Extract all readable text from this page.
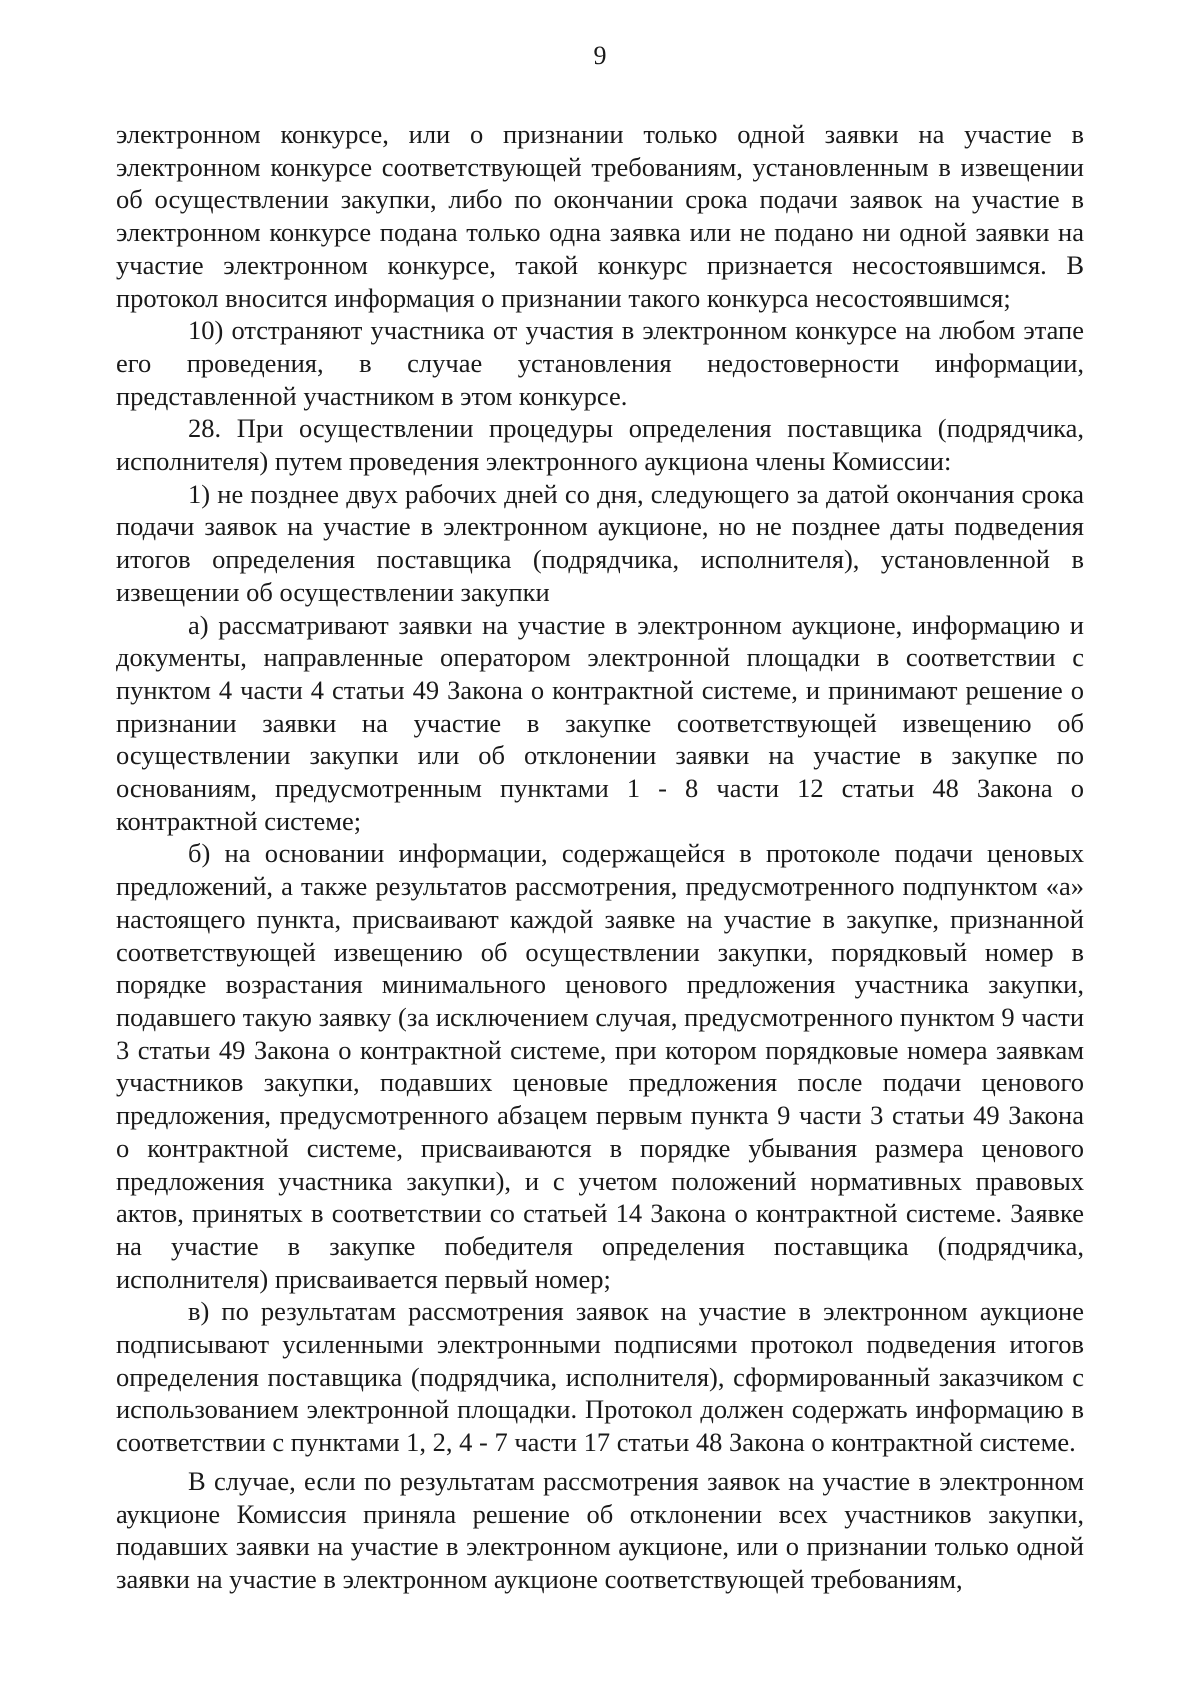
9

электронном конкурсе, или о признании только одной заявки на участие в электронном конкурсе соответствующей требованиям, установленным в извещении об осуществлении закупки, либо по окончании срока подачи заявок на участие в электронном конкурсе подана только одна заявка или не подано ни одной заявки на участие электронном конкурсе, такой конкурс признается несостоявшимся. В протокол вносится информация о признании такого конкурса несостоявшимся;

10) отстраняют участника от участия в электронном конкурсе на любом этапе его проведения, в случае установления недостоверности информации, представленной участником в этом конкурсе.

28. При осуществлении процедуры определения поставщика (подрядчика, исполнителя) путем проведения электронного аукциона члены Комиссии:

1) не позднее двух рабочих дней со дня, следующего за датой окончания срока подачи заявок на участие в электронном аукционе, но не позднее даты подведения итогов определения поставщика (подрядчика, исполнителя), установленной в извещении об осуществлении закупки

а) рассматривают заявки на участие в электронном аукционе, информацию и документы, направленные оператором электронной площадки в соответствии с пунктом 4 части 4 статьи 49 Закона о контрактной системе, и принимают решение о признании заявки на участие в закупке соответствующей извещению об осуществлении закупки или об отклонении заявки на участие в закупке по основаниям, предусмотренным пунктами 1 - 8 части 12 статьи 48 Закона о контрактной системе;

б) на основании информации, содержащейся в протоколе подачи ценовых предложений, а также результатов рассмотрения, предусмотренного подпунктом «а» настоящего пункта, присваивают каждой заявке на участие в закупке, признанной соответствующей извещению об осуществлении закупки, порядковый номер в порядке возрастания минимального ценового предложения участника закупки, подавшего такую заявку (за исключением случая, предусмотренного пунктом 9 части 3 статьи 49 Закона о контрактной системе, при котором порядковые номера заявкам участников закупки, подавших ценовые предложения после подачи ценового предложения, предусмотренного абзацем первым пункта 9 части 3 статьи 49 Закона о контрактной системе, присваиваются в порядке убывания размера ценового предложения участника закупки), и с учетом положений нормативных правовых актов, принятых в соответствии со статьей 14 Закона о контрактной системе. Заявке на участие в закупке победителя определения поставщика (подрядчика, исполнителя) присваивается первый номер;

в) по результатам рассмотрения заявок на участие в электронном аукционе подписывают усиленными электронными подписями протокол подведения итогов определения поставщика (подрядчика, исполнителя), сформированный заказчиком с использованием электронной площадки. Протокол должен содержать информацию в соответствии с пунктами 1, 2, 4 - 7 части 17 статьи 48 Закона о контрактной системе.

В случае, если по результатам рассмотрения заявок на участие в электронном аукционе Комиссия приняла решение об отклонении всех участников закупки, подавших заявки на участие в электронном аукционе, или о признании только одной заявки на участие в электронном аукционе соответствующей требованиям,
